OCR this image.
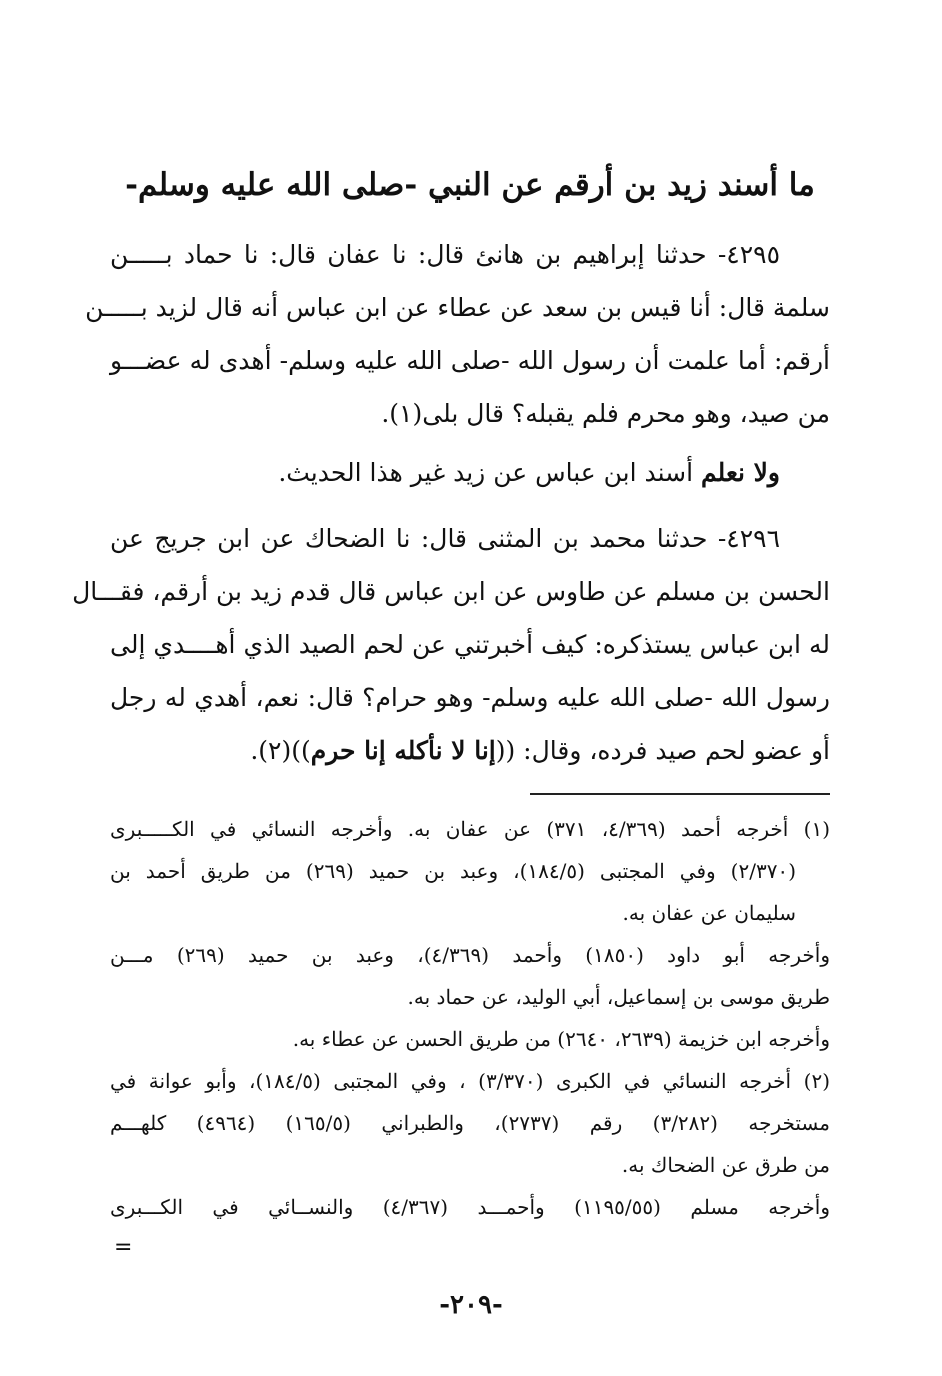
ما أسند زيد بن أرقم عن النبي -صلى الله عليه وسلم-
٤٢٩٥- حدثنا إبراهيم بن هانئ قال: نا عفان قال: نا حماد بـــــن
سلمة قال: أنا قيس بن سعد عن عطاء عن ابن عباس أنه قال لزيد بـــــن
أرقم: أما علمت أن رسول الله -صلى الله عليه وسلم- أهدى له عضـــو
من صيد، وهو محرم فلم يقبله؟ قال بلى(١).
ولا نعلم أسند ابن عباس عن زيد غير هذا الحديث.
٤٢٩٦- حدثنا محمد بن المثنى قال: نا الضحاك عن ابن جريج عن
الحسن بن مسلم عن طاوس عن ابن عباس قال قدم زيد بن أرقم، فقـــال
له ابن عباس يستذكره: كيف أخبرتني عن لحم الصيد الذي أهــــدي إلى
رسول الله -صلى الله عليه وسلم- وهو حرام؟ قال: نعم، أهدي له رجل
أو عضو لحم صيد فرده، وقال: ((إنا لا نأكله إنا حرم))(٢).
(١) أخرجه أحمد (٤/٣٦٩، ٣٧١) عن عفان به. وأخرجه النسائي في الكـــــبرى
(٢/٣٧٠) وفي المجتبى (١٨٤/٥)، وعبد بن حميد (٢٦٩) من طريق أحمد بن
سليمان عن عفان به.
وأخرجه أبو داود (١٨٥٠) وأحمد (٤/٣٦٩)، وعبد بن حميد (٢٦٩) مـــن
طريق موسى بن إسماعيل، أبي الوليد، عن حماد به.
وأخرجه ابن خزيمة (٢٦٣٩، ٢٦٤٠) من طريق الحسن عن عطاء به.
(٢) أخرجه النسائي في الكبرى (٣/٣٧٠) ، وفي المجتبى (١٨٤/٥)، وأبو عوانة في
مستخرجه (٣/٢٨٢) رقم (٢٧٣٧)، والطبراني (١٦٥/٥) (٤٩٦٤) كلهـــم
من طرق عن الضحاك به.
وأخرجه مسلم (١١٩٥/٥٥) وأحمـــد (٤/٣٦٧) والنســائي في الكـــبرى
=
-٢٠٩-
